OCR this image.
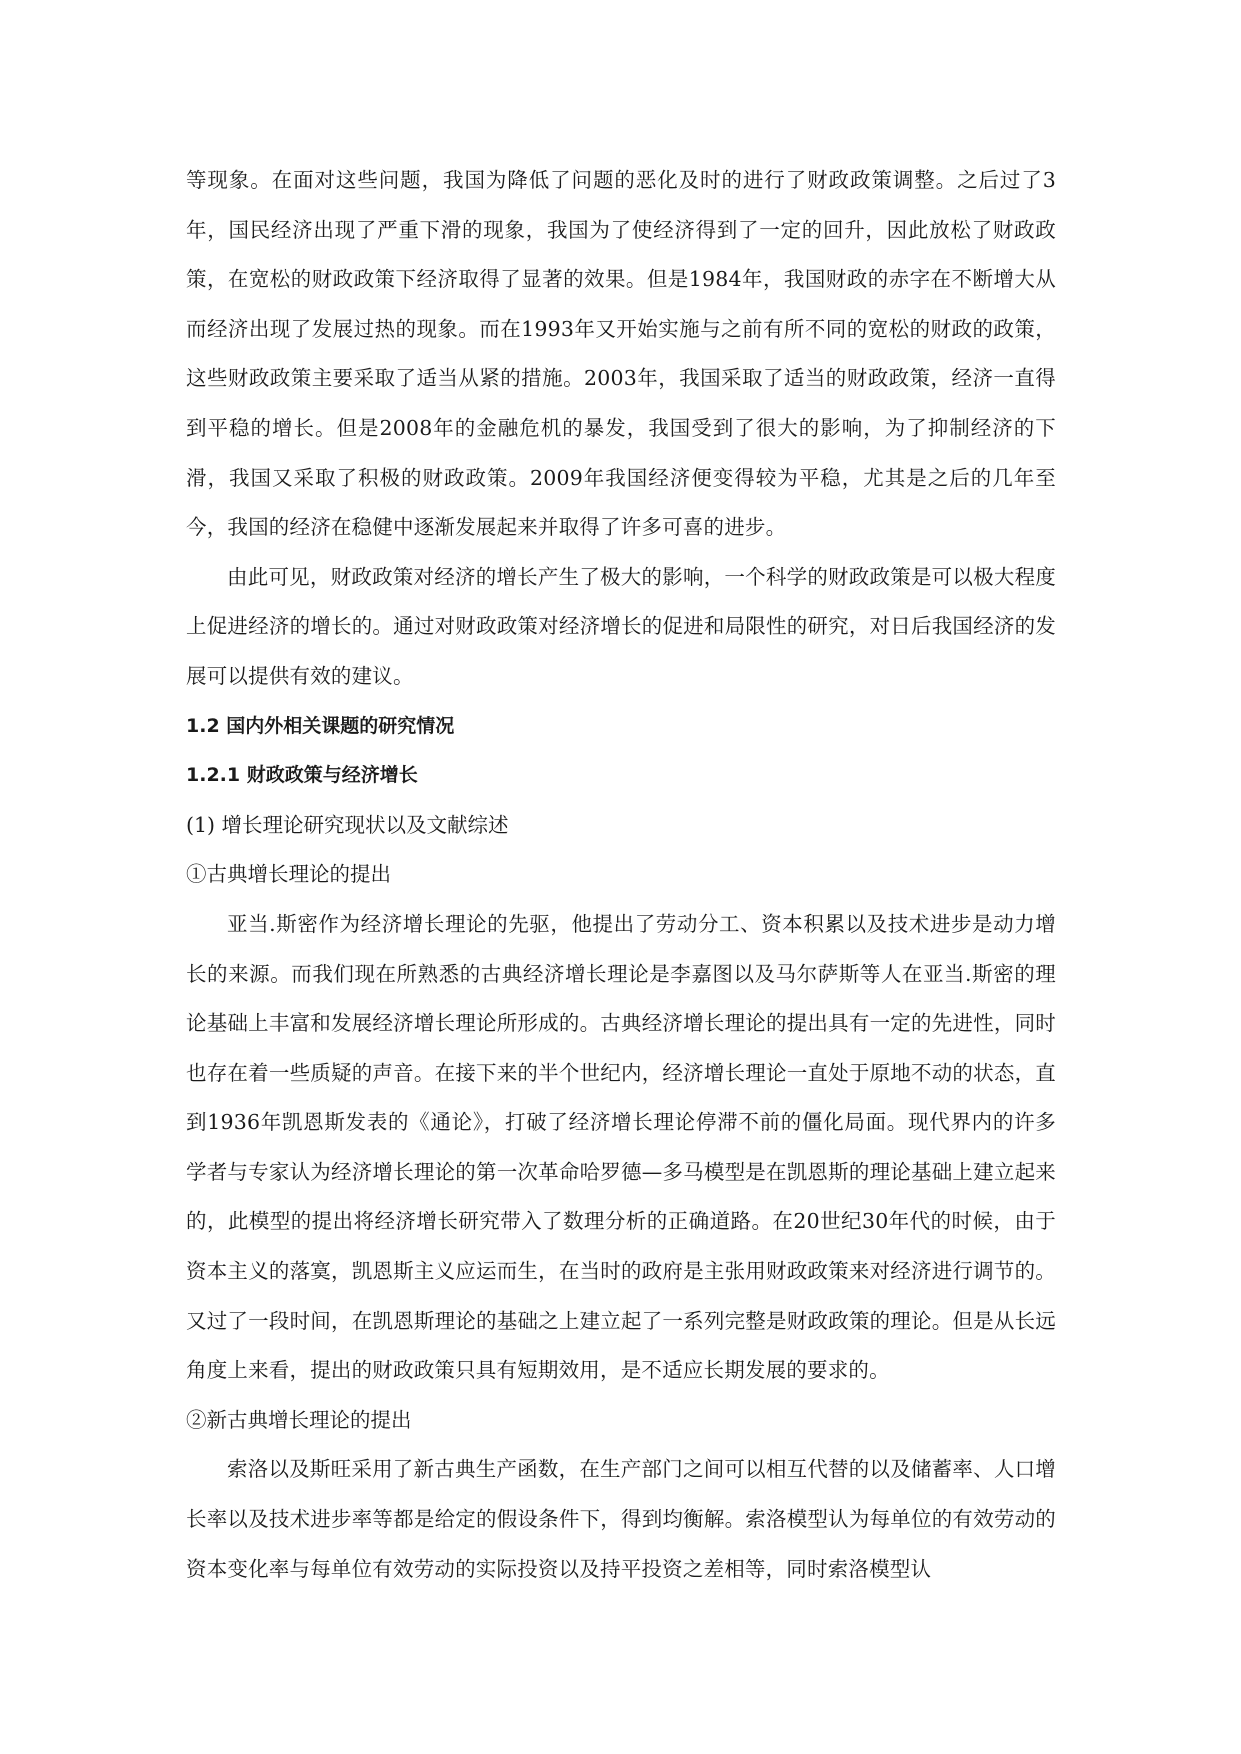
等现象。在面对这些问题，我国为降低了问题的恶化及时的进行了财政政策调整。之后过了3年，国民经济出现了严重下滑的现象，我国为了使经济得到了一定的回升，因此放松了财政政策，在宽松的财政政策下经济取得了显著的效果。但是1984年，我国财政的赤字在不断增大从而经济出现了发展过热的现象。而在1993年又开始实施与之前有所不同的宽松的财政的政策，这些财政政策主要采取了适当从紧的措施。2003年，我国采取了适当的财政政策，经济一直得到平稳的增长。但是2008年的金融危机的暴发，我国受到了很大的影响，为了抑制经济的下滑，我国又采取了积极的财政政策。2009年我国经济便变得较为平稳，尤其是之后的几年至今，我国的经济在稳健中逐渐发展起来并取得了许多可喜的进步。

由此可见，财政政策对经济的增长产生了极大的影响，一个科学的财政政策是可以极大程度上促进经济的增长的。通过对财政政策对经济增长的促进和局限性的研究，对日后我国经济的发展可以提供有效的建议。

1.2 国内外相关课题的研究情况

1.2.1 财政政策与经济增长

(1) 增长理论研究现状以及文献综述

①古典增长理论的提出

亚当.斯密作为经济增长理论的先驱，他提出了劳动分工、资本积累以及技术进步是动力增长的来源。而我们现在所熟悉的古典经济增长理论是李嘉图以及马尔萨斯等人在亚当.斯密的理论基础上丰富和发展经济增长理论所形成的。古典经济增长理论的提出具有一定的先进性，同时也存在着一些质疑的声音。在接下来的半个世纪内，经济增长理论一直处于原地不动的状态，直到1936年凯恩斯发表的《通论》，打破了经济增长理论停滞不前的僵化局面。现代界内的许多学者与专家认为经济增长理论的第一次革命哈罗德—多马模型是在凯恩斯的理论基础上建立起来的，此模型的提出将经济增长研究带入了数理分析的正确道路。在20世纪30年代的时候，由于资本主义的落寞，凯恩斯主义应运而生，在当时的政府是主张用财政政策来对经济进行调节的。又过了一段时间，在凯恩斯理论的基础之上建立起了一系列完整是财政政策的理论。但是从长远角度上来看，提出的财政政策只具有短期效用，是不适应长期发展的要求的。

②新古典增长理论的提出

索洛以及斯旺采用了新古典生产函数，在生产部门之间可以相互代替的以及储蓄率、人口增长率以及技术进步率等都是给定的假设条件下，得到均衡解。索洛模型认为每单位的有效劳动的资本变化率与每单位有效劳动的实际投资以及持平投资之差相等，同时索洛模型认
